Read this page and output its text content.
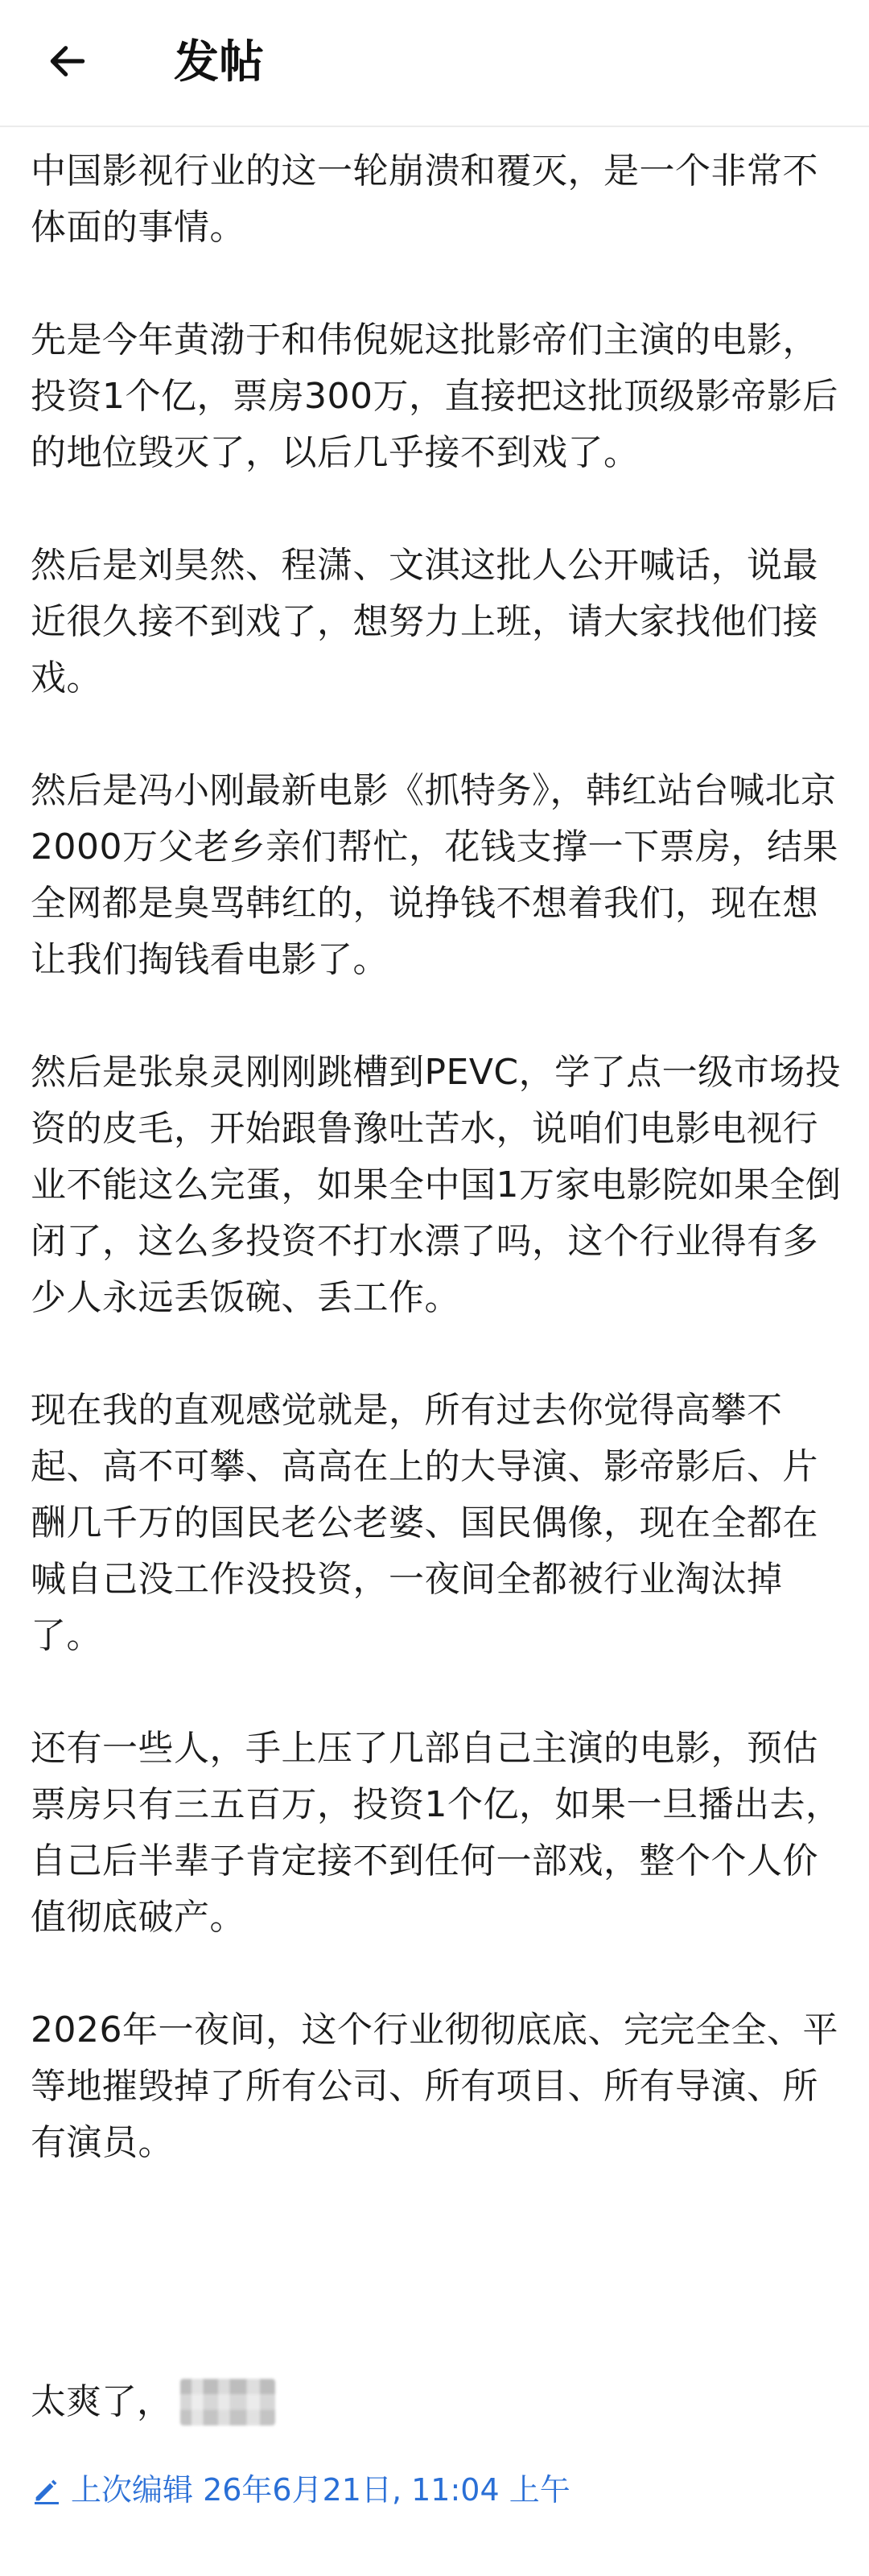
发帖

中国影视行业的这一轮崩溃和覆灭，是一个非常不体面的事情。

先是今年黄渤于和伟倪妮这批影帝们主演的电影，投资1个亿，票房300万，直接把这批顶级影帝影后的地位毁灭了，以后几乎接不到戏了。

然后是刘昊然、程潇、文淇这批人公开喊话，说最近很久接不到戏了，想努力上班，请大家找他们接戏。

然后是冯小刚最新电影《抓特务》，韩红站台喊北京2000万父老乡亲们帮忙，花钱支撑一下票房，结果全网都是臭骂韩红的，说挣钱不想着我们，现在想让我们掏钱看电影了。

然后是张泉灵刚刚跳槽到PEVC，学了点一级市场投资的皮毛，开始跟鲁豫吐苦水，说咱们电影电视行业不能这么完蛋，如果全中国1万家电影院如果全倒闭了，这么多投资不打水漂了吗，这个行业得有多少人永远丢饭碗、丢工作。

现在我的直观感觉就是，所有过去你觉得高攀不起、高不可攀、高高在上的大导演、影帝影后、片酬几千万的国民老公老婆、国民偶像，现在全都在喊自己没工作没投资，一夜间全都被行业淘汰掉了。

还有一些人，手上压了几部自己主演的电影，预估票房只有三五百万，投资1个亿，如果一旦播出去，自己后半辈子肯定接不到任何一部戏，整个个人价值彻底破产。

2026年一夜间，这个行业彻彻底底、完完全全、平等地摧毁掉了所有公司、所有项目、所有导演、所有演员。

太爽了，
上次编辑 26年6月21日, 11:04 上午
